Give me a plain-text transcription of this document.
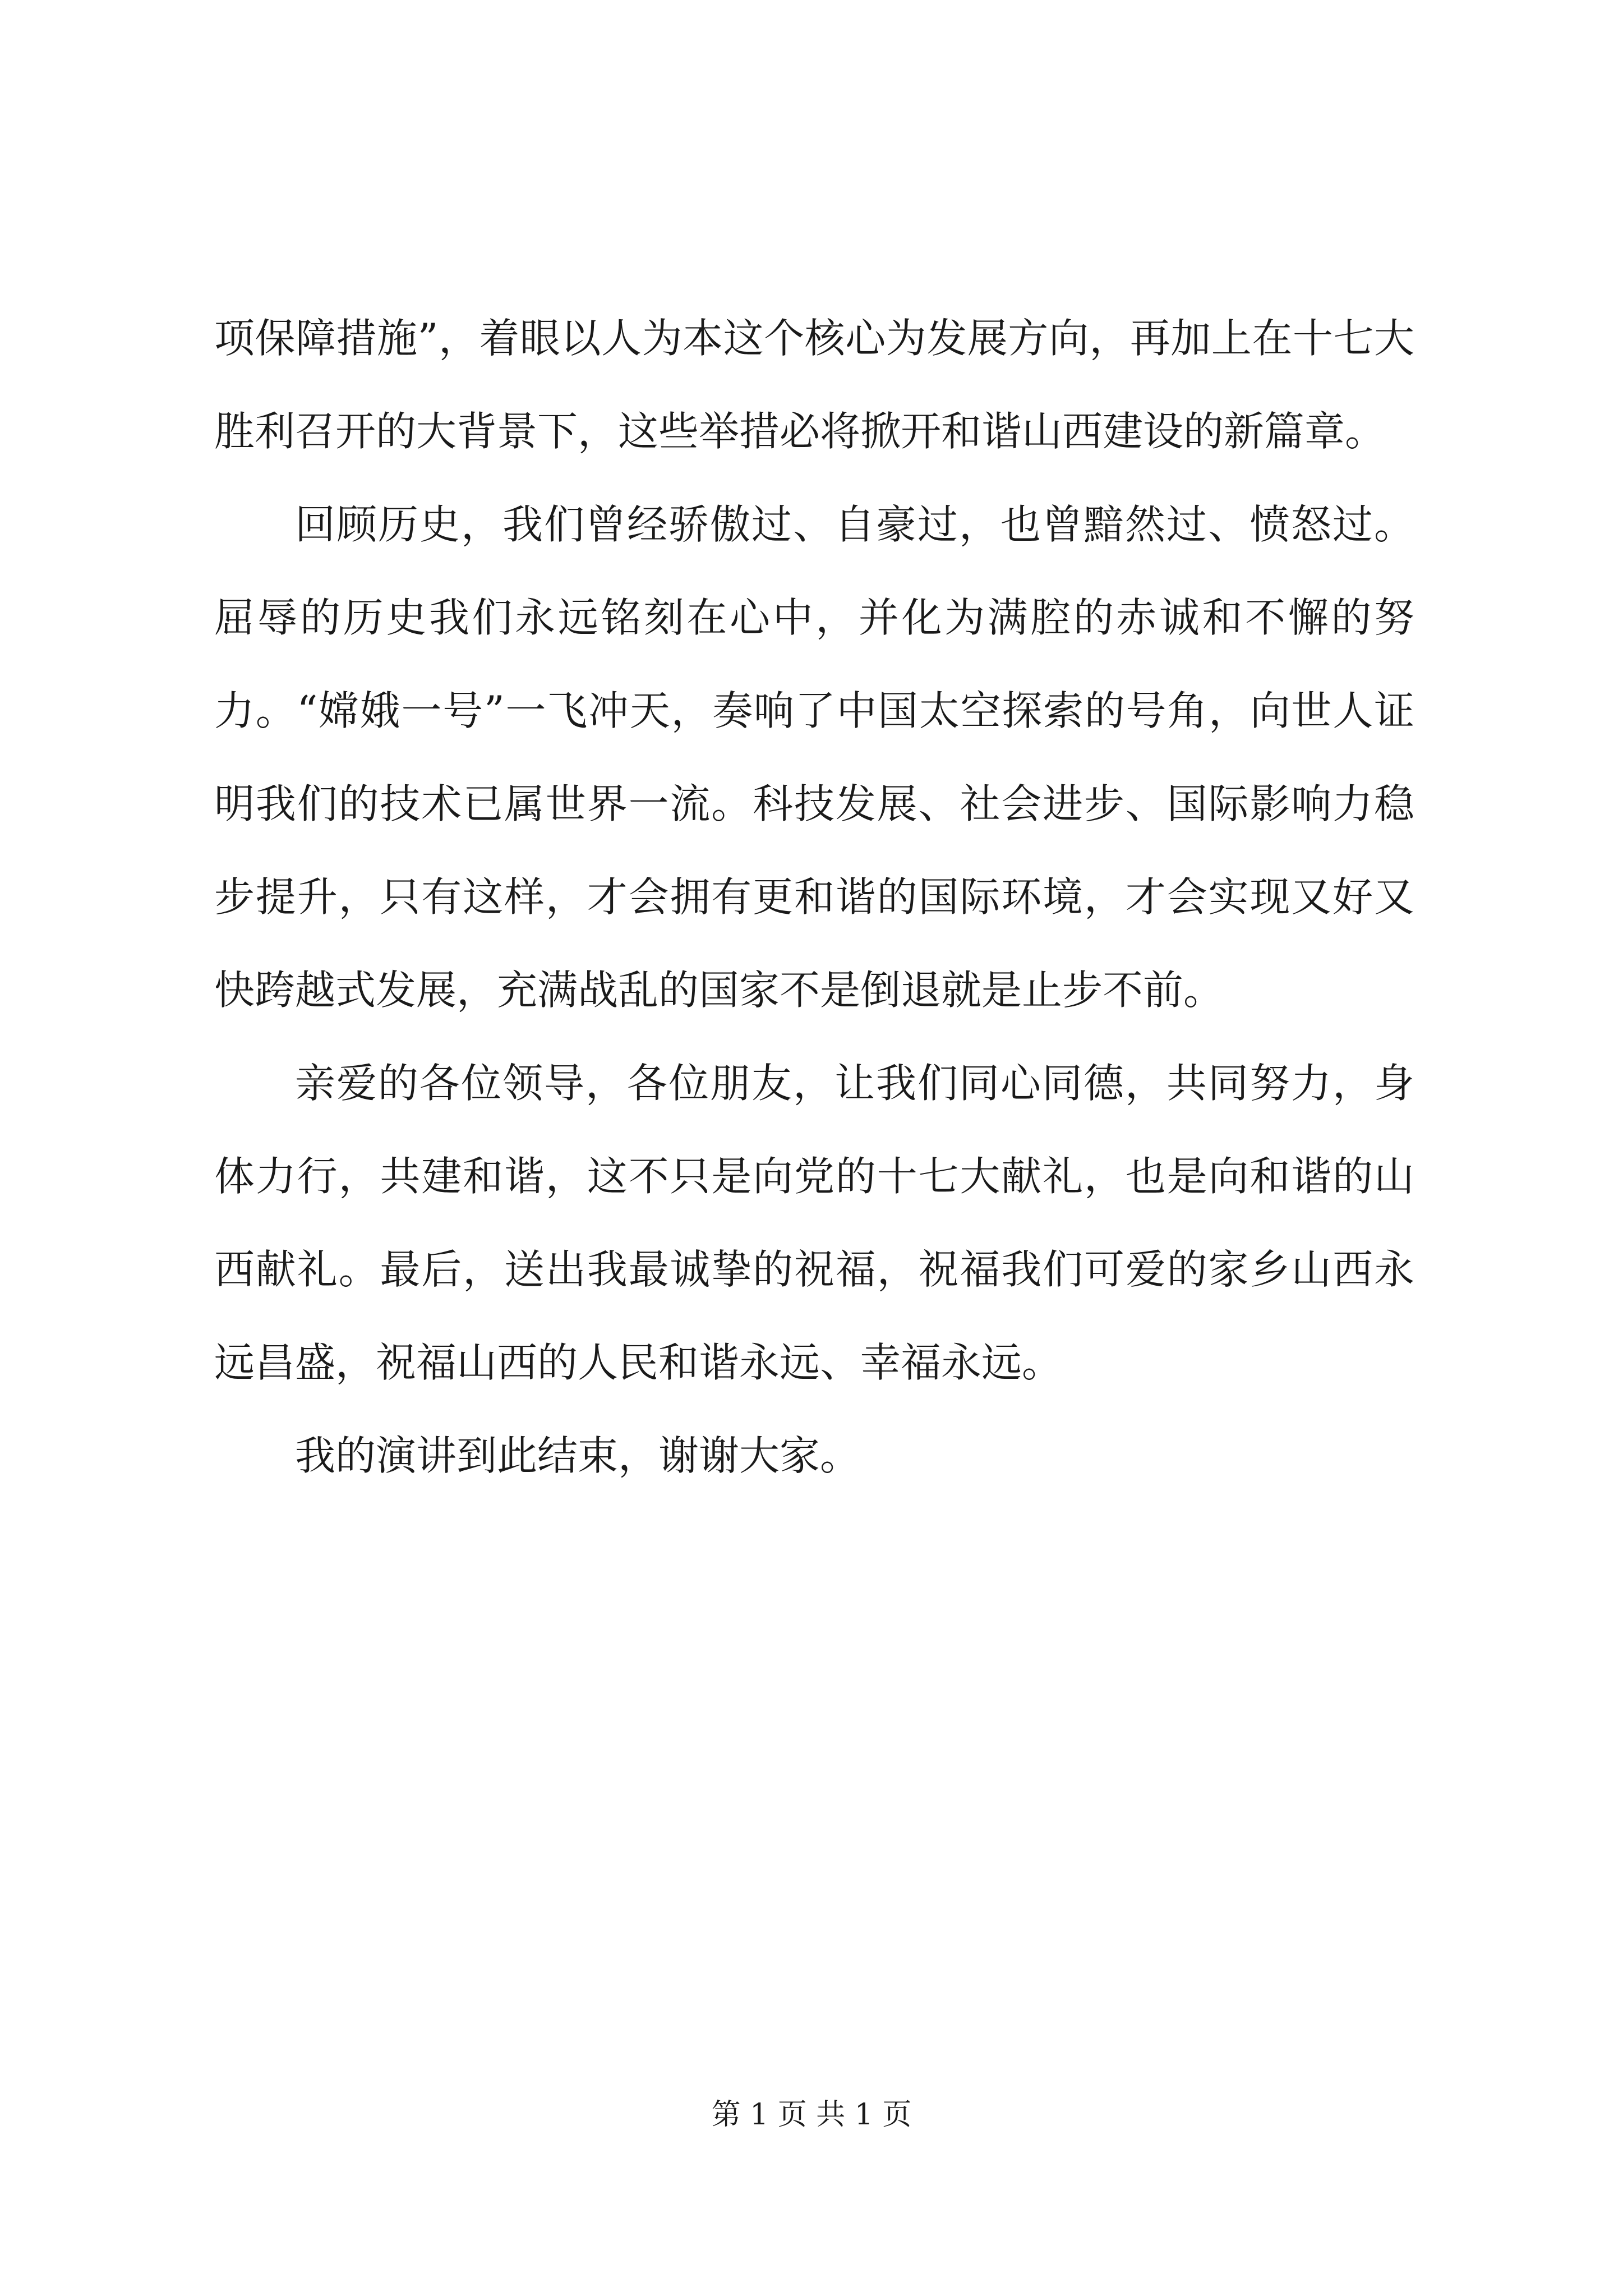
项保障措施”，着眼以人为本这个核心为发展方向，再加上在十七大胜利召开的大背景下，这些举措必将掀开和谐山西建设的新篇章。

回顾历史，我们曾经骄傲过、自豪过，也曾黯然过、愤怒过。屈辱的历史我们永远铭刻在心中，并化为满腔的赤诚和不懈的努力。“嫦娥一号”一飞冲天，奏响了中国太空探索的号角，向世人证明我们的技术已属世界一流。科技发展、社会进步、国际影响力稳步提升，只有这样，才会拥有更和谐的国际环境，才会实现又好又快跨越式发展，充满战乱的国家不是倒退就是止步不前。

亲爱的各位领导，各位朋友，让我们同心同德，共同努力，身体力行，共建和谐，这不只是向党的十七大献礼，也是向和谐的山西献礼。最后，送出我最诚挚的祝福，祝福我们可爱的家乡山西永远昌盛，祝福山西的人民和谐永远、幸福永远。

我的演讲到此结束，谢谢大家。

第 1 页 共 1 页
